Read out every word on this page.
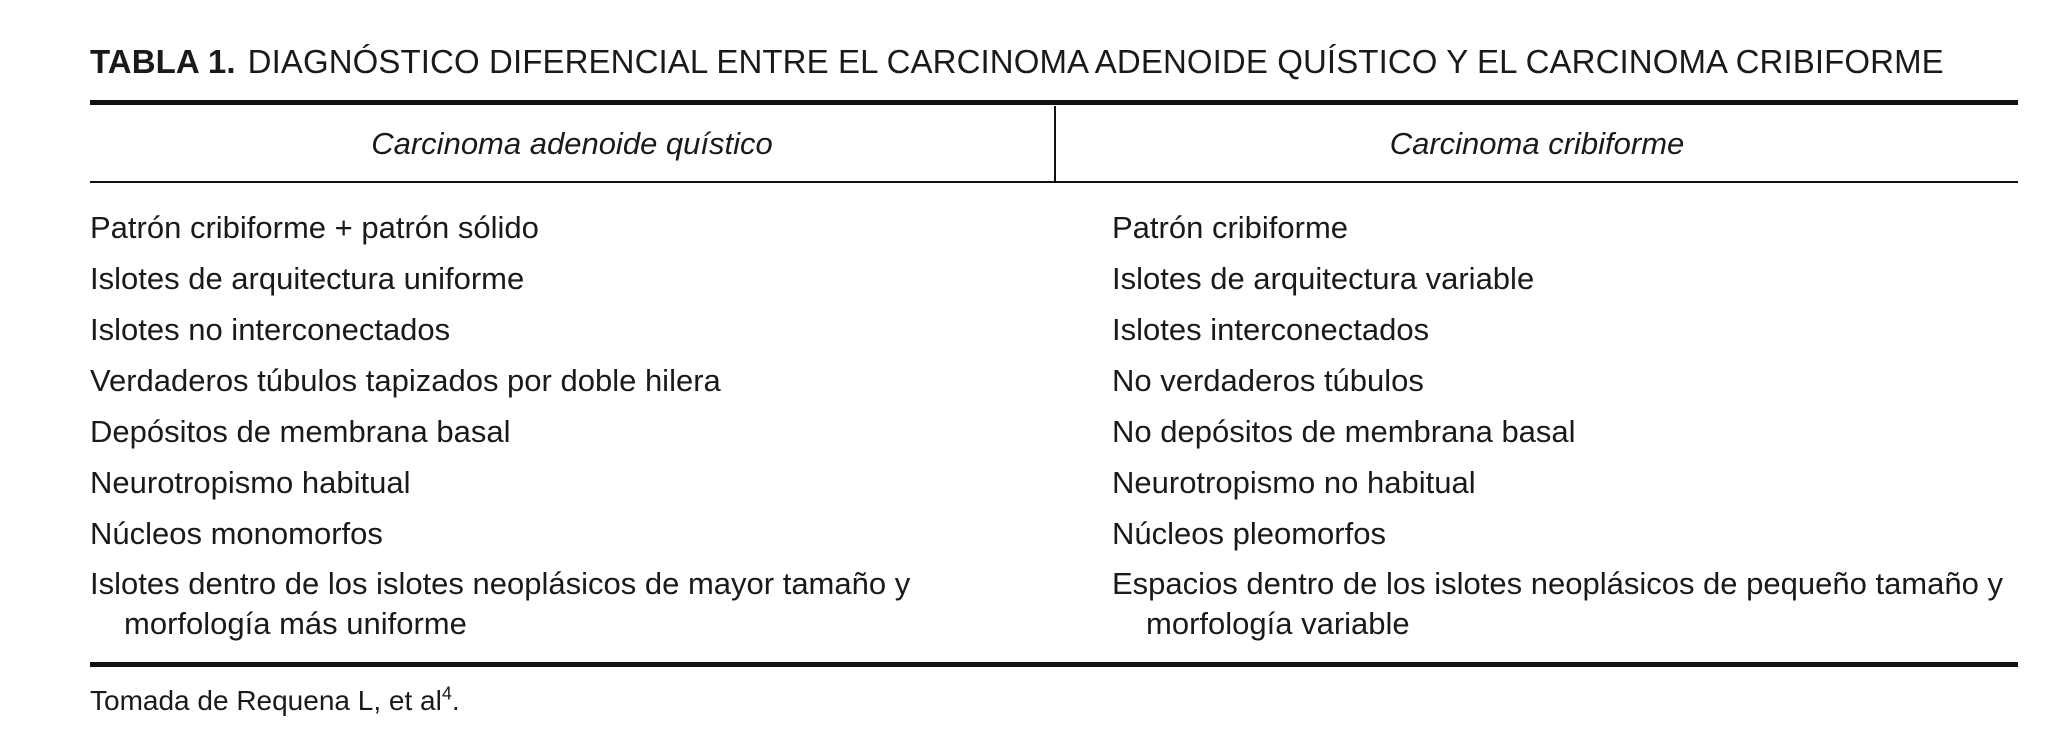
TABLA 1. DIAGNÓSTICO DIFERENCIAL ENTRE EL CARCINOMA ADENOIDE QUÍSTICO Y EL CARCINOMA CRIBIFORME
Carcinoma adenoide quístico	Carcinoma cribiforme

Patrón cribiforme + patrón sólido

Islotes de arquitectura uniforme

Islotes no interconectados

Verdaderos túbulos tapizados por doble hilera

Depósitos de membrana basal

Neurotropismo habitual

Núcleos monomorfos

Islotes dentro de los islotes neoplásicos de mayor tamaño y morfología más uniforme

Patrón cribiforme

Islotes de arquitectura variable

Islotes interconectados

No verdaderos túbulos

No depósitos de membrana basal

Neurotropismo no habitual

Núcleos pleomorfos

Espacios dentro de los islotes neoplásicos de pequeño tamaño y morfología variable

Tomada de Requena L, et $al^4$.
